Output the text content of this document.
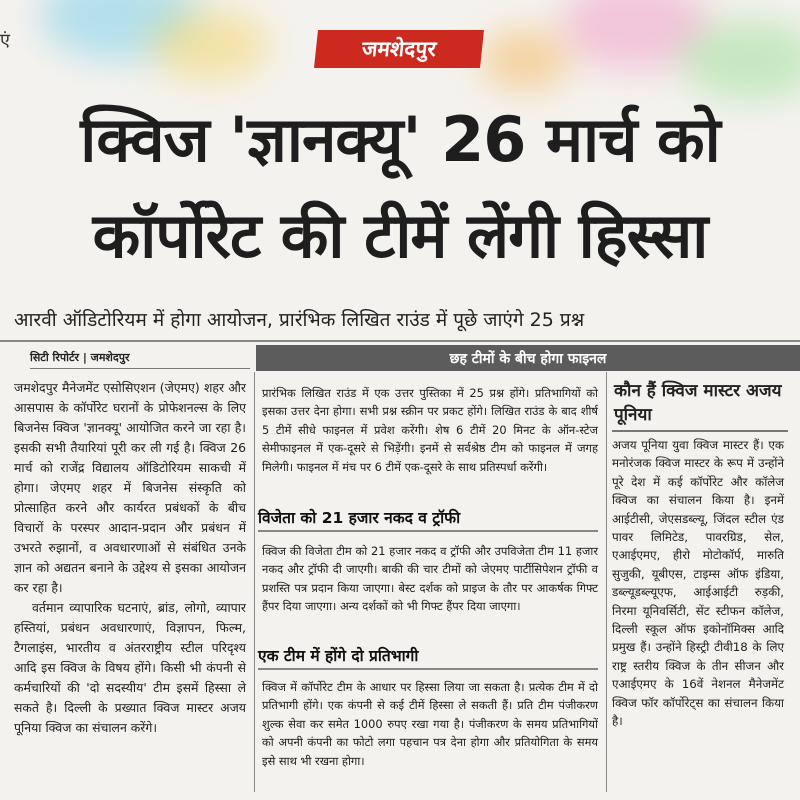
एं	जमशेदपुर
क्विज 'ज्ञानक्यू' 26 मार्च को
कॉर्पोरेट की टीमें लेंगी हिस्सा
आरवी ऑडिटोरियम में होगा आयोजन, प्रारंभिक लिखित राउंड में पूछे जाएंगे 25 प्रश्न
सिटी रिपोर्टर | जमशेदपुर	छह टीमों के बीच होगा फाइनल

जमशेदपुर मैनेजमेंट एसोसिएशन (जेएमए) शहर और आसपास के कॉर्पोरेट घरानों के प्रोफेशनल्स के लिए बिजनेस क्विज 'ज्ञानक्यू' आयोजित करने जा रहा है। इसकी सभी तैयारियां पूरी कर ली गई है। क्विज 26 मार्च को राजेंद्र विद्यालय ऑडिटोरियम साकची में होगा। जेएमए शहर में बिजनेस संस्कृति को प्रोत्साहित करने और कार्यरत प्रबंधकों के बीच विचारों के परस्पर आदान-प्रदान और प्रबंधन में उभरते रुझानों, व अवधारणाओं से संबंधित उनके ज्ञान को अद्यतन बनाने के उद्देश्य से इसका आयोजन कर रहा है।

वर्तमान व्यापारिक घटनाएं, ब्रांड, लोगो, व्यापार हस्तियां, प्रबंधन अवधारणाएं, विज्ञापन, फिल्म, टैगलाइंस, भारतीय व अंतरराष्ट्रीय स्टील परिदृश्य आदि इस क्विज के विषय होंगे। किसी भी कंपनी से कर्मचारियों की 'दो सदस्यीय' टीम इसमें हिस्सा ले सकते है। दिल्ली के प्रख्यात क्विज मास्टर अजय पूनिया क्विज का संचालन करेंगे।

प्रारंभिक लिखित राउंड में एक उत्तर पुस्तिका में 25 प्रश्न होंगे। प्रतिभागियों को इसका उत्तर देना होगा। सभी प्रश्न स्क्रीन पर प्रकट होंगे। लिखित राउंड के बाद शीर्ष 5 टीमें सीधे फाइनल में प्रवेश करेंगी। शेष 6 टीमें 20 मिनट के ऑन-स्टेज सेमीफाइनल में एक-दूसरे से भिड़ेंगी। इनमें से सर्वश्रेष्ठ टीम को फाइनल में जगह मिलेगी। फाइनल में मंच पर 6 टीमें एक-दूसरे के साथ प्रतिस्पर्धा करेंगी।

विजेता को 21 हजार नकद व ट्रॉफी

क्विज की विजेता टीम को 21 हजार नकद व ट्रॉफी और उपविजेता टीम 11 हजार नकद और ट्रॉफी दी जाएगी। बाकी की चार टीमों को जेएमए पार्टीसिपेशन ट्रॉफी व प्रशस्ति पत्र प्रदान किया जाएगा। बेस्ट दर्शक को प्राइज के तौर पर आकर्षक गिफ्ट हैंपर दिया जाएगा। अन्य दर्शकों को भी गिफ्ट हैंपर दिया जाएगा।

एक टीम में होंगे दो प्रतिभागी

क्विज में कॉर्पोरेट टीम के आधार पर हिस्सा लिया जा सकता है। प्रत्येक टीम में दो प्रतिभागी होंगे। एक कंपनी से कई टीमें हिस्सा ले सकती हैं। प्रति टीम पंजीकरण शुल्क सेवा कर समेत 1000 रुपए रखा गया है। पंजीकरण के समय प्रतिभागियों को अपनी कंपनी का फोटो लगा पहचान पत्र देना होगा और प्रतियोगिता के समय इसे साथ भी रखना होगा।

कौन हैं क्विज मास्टर अजय पूनिया

अजय पूनिया युवा क्विज मास्टर हैं। एक मनोरंजक क्विज मास्टर के रूप में उन्होंने पूरे देश में कई कॉर्पोरेट और कॉलेज क्विज का संचालन किया है। इनमें आईटीसी, जेएसडब्ल्यू, जिंदल स्टील एंड पावर लिमिटेड, पावरग्रिड, सेल, एआईएमए, हीरो मोटोकॉर्प, मारुति सुजुकी, यूबीएस, टाइम्स ऑफ इंडिया, डब्ल्यूडब्ल्यूएफ, आईआईटी रुड़की, निरमा यूनिवर्सिटी, सेंट स्टीफन कॉलेज, दिल्ली स्कूल ऑफ इकोनॉमिक्स आदि प्रमुख हैं। उन्होंने हिस्ट्री टीवी18 के लिए राष्ट्र स्तरीय क्विज के तीन सीजन और एआईएमए के 16वें नेशनल मैनेजमेंट क्विज फॉर कॉर्पोरेट्स का संचालन किया है।
